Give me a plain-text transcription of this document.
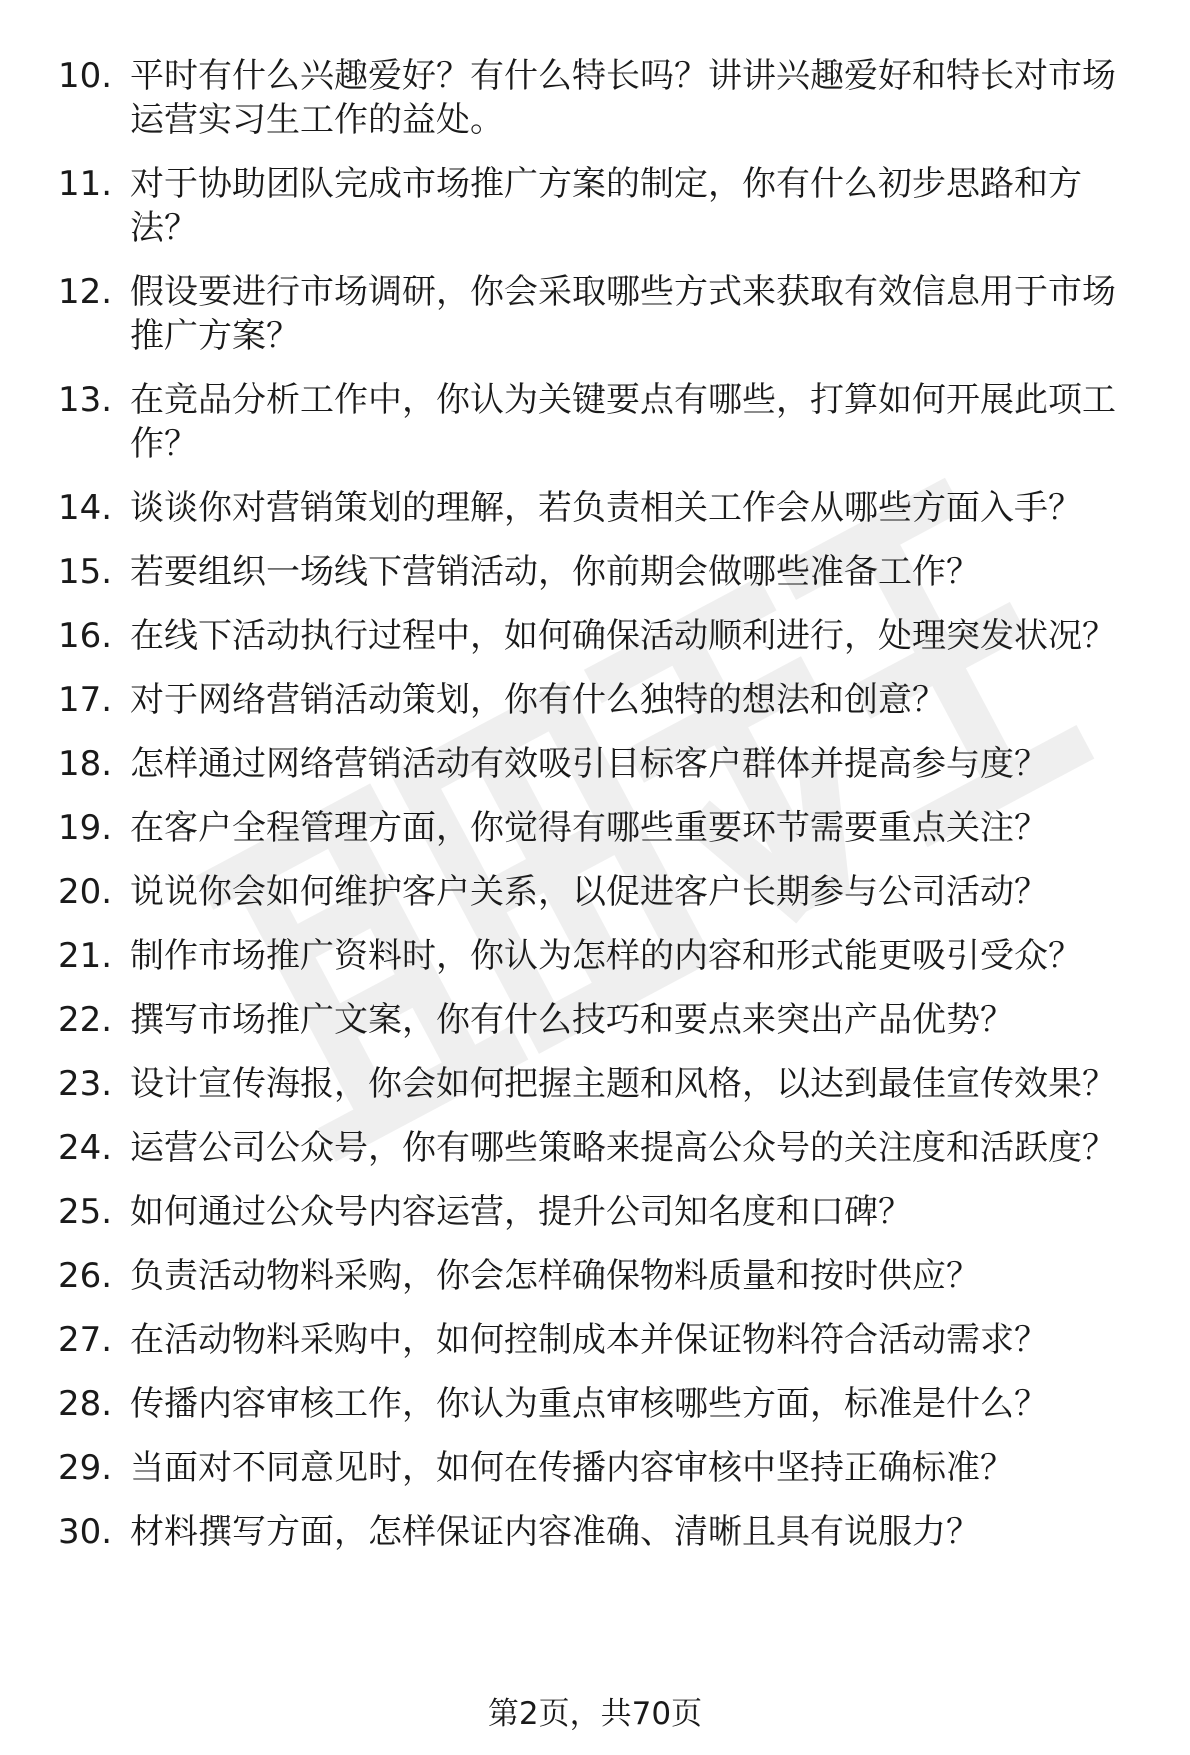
10. 平时有什么兴趣爱好？有什么特长吗？讲讲兴趣爱好和特长对市场运营实习生工作的益处。
11. 对于协助团队完成市场推广方案的制定，你有什么初步思路和方法？
12. 假设要进行市场调研，你会采取哪些方式来获取有效信息用于市场推广方案？
13. 在竞品分析工作中，你认为关键要点有哪些，打算如何开展此项工作？
14. 谈谈你对营销策划的理解，若负责相关工作会从哪些方面入手？
15. 若要组织一场线下营销活动，你前期会做哪些准备工作？
16. 在线下活动执行过程中，如何确保活动顺利进行，处理突发状况？
17. 对于网络营销活动策划，你有什么独特的想法和创意？
18. 怎样通过网络营销活动有效吸引目标客户群体并提高参与度？
19. 在客户全程管理方面，你觉得有哪些重要环节需要重点关注？
20. 说说你会如何维护客户关系，以促进客户长期参与公司活动？
21. 制作市场推广资料时，你认为怎样的内容和形式能更吸引受众？
22. 撰写市场推广文案，你有什么技巧和要点来突出产品优势？
23. 设计宣传海报，你会如何把握主题和风格，以达到最佳宣传效果？
24. 运营公司公众号，你有哪些策略来提高公众号的关注度和活跃度？
25. 如何通过公众号内容运营，提升公司知名度和口碑？
26. 负责活动物料采购，你会怎样确保物料质量和按时供应？
27. 在活动物料采购中，如何控制成本并保证物料符合活动需求？
28. 传播内容审核工作，你认为重点审核哪些方面，标准是什么？
29. 当面对不同意见时，如何在传播内容审核中坚持正确标准？
30. 材料撰写方面，怎样保证内容准确、清晰且具有说服力？
第2页，共70页
